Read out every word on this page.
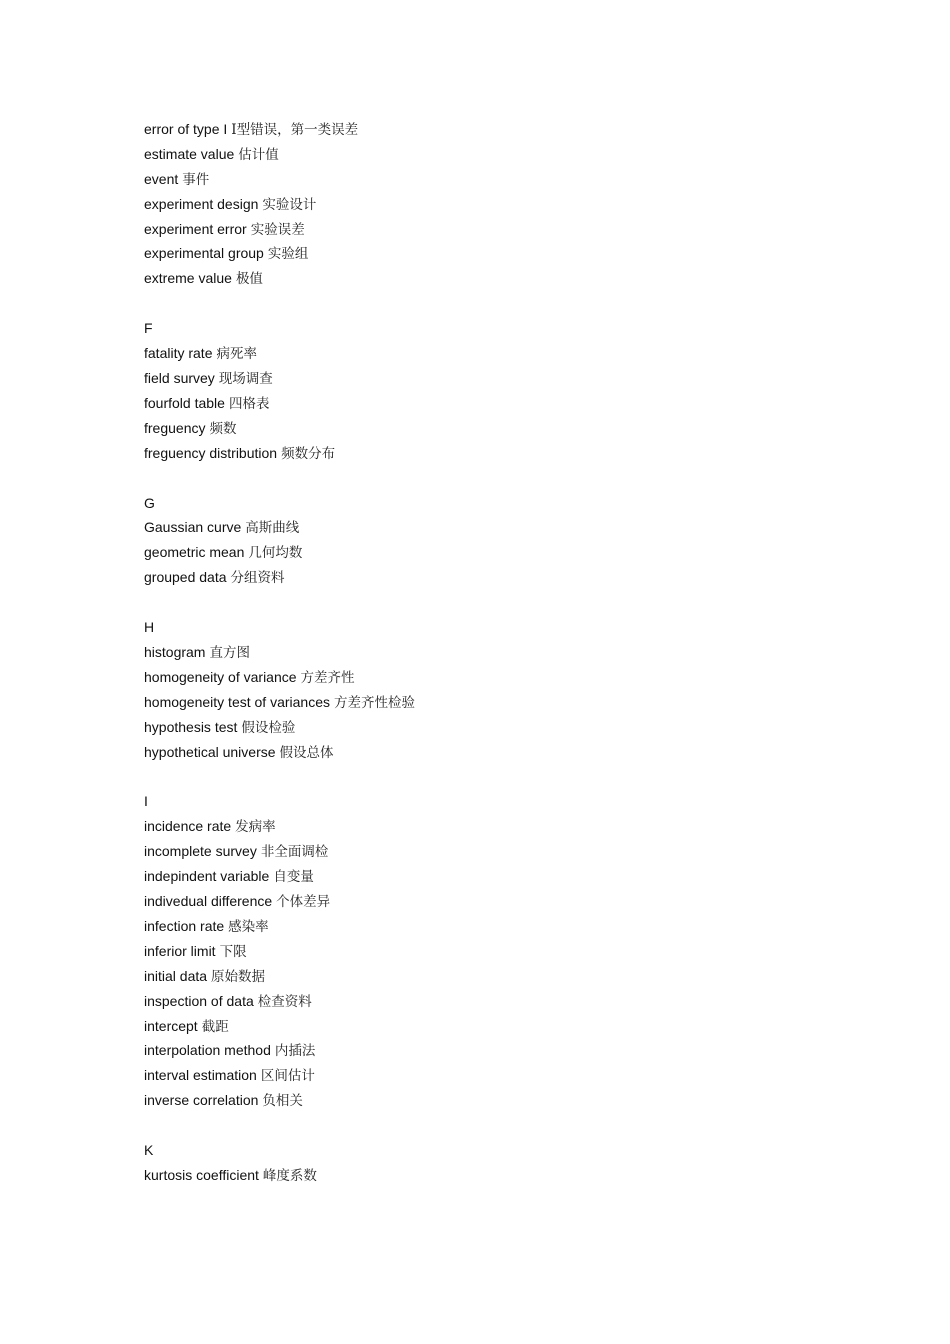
error of type I Ⅰ型错误，第一类误差
estimate value 估计值
event 事件
experiment design 实验设计
experiment error 实验误差
experimental group 实验组
extreme value 极值
F
fatality rate 病死率
field survey 现场调查
fourfold table 四格表
freguency 频数
freguency distribution 频数分布
G
Gaussian curve 高斯曲线
geometric mean 几何均数
grouped data 分组资料
H
histogram 直方图
homogeneity of variance 方差齐性
homogeneity test of variances 方差齐性检验
hypothesis test 假设检验
hypothetical universe 假设总体
I
incidence rate 发病率
incomplete survey 非全面调检
indepindent variable 自变量
indivedual difference 个体差异
infection rate 感染率
inferior limit 下限
initial data 原始数据
inspection of data 检查资料
intercept 截距
interpolation method 内插法
interval estimation 区间估计
inverse correlation 负相关
K
kurtosis coefficient 峰度系数
